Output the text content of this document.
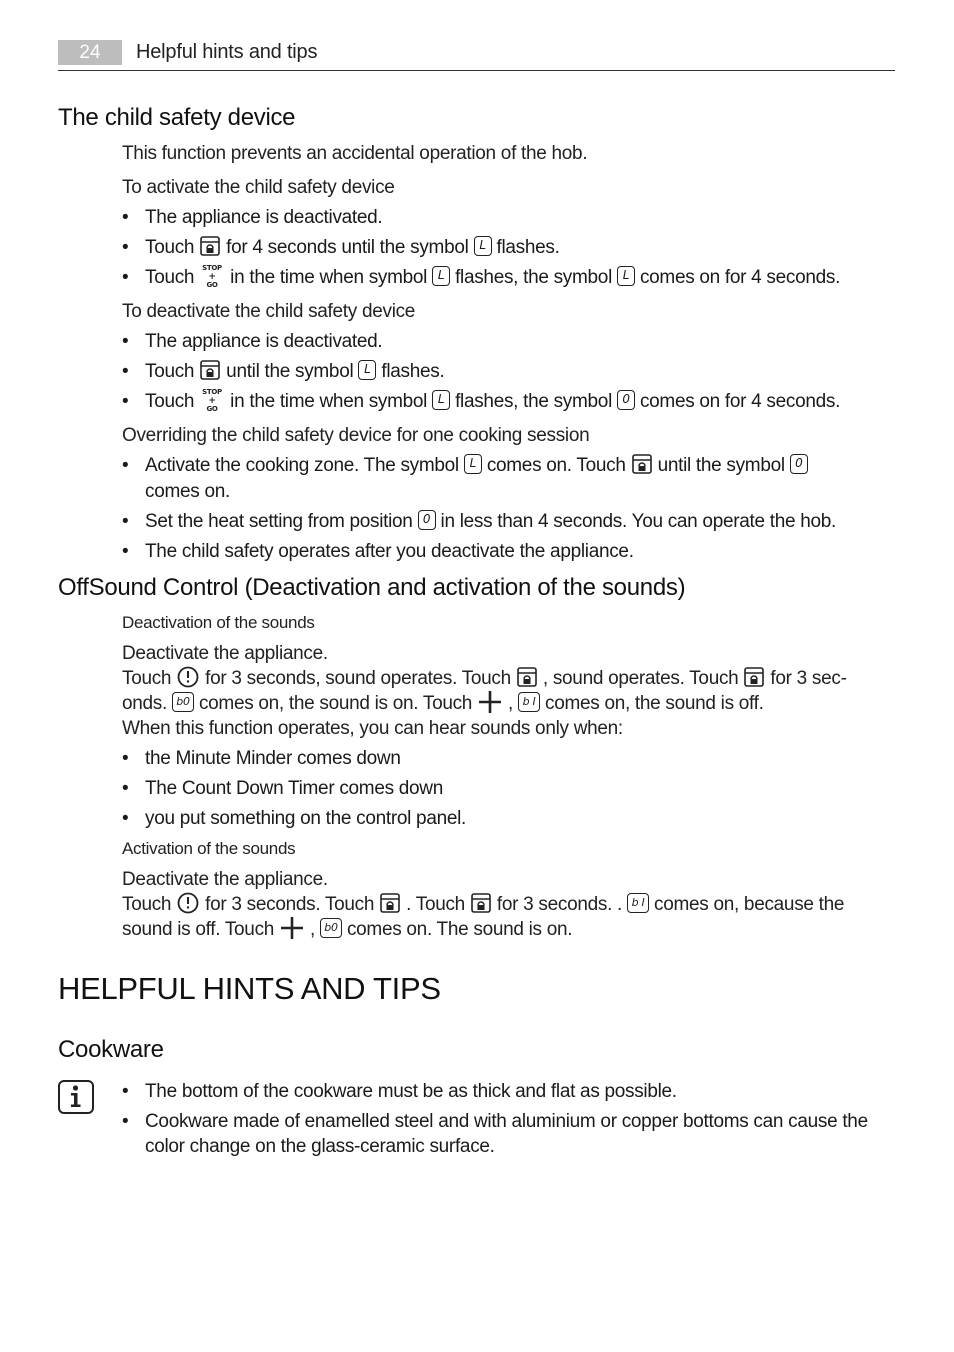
24	Helpful hints and tips
The child safety device
This function prevents an accidental operation of the hob.
To activate the child safety device
• The appliance is deactivated.
• Touch for 4 seconds until the symbol L flashes.
• Touch STOP
+
GO in the time when symbol L flashes, the symbol L comes on for 4 seconds.
To deactivate the child safety device
• The appliance is deactivated.
• Touch until the symbol L flashes.
• Touch STOP
+
GO in the time when symbol L flashes, the symbol 0 comes on for 4 seconds.
Overriding the child safety device for one cooking session
• Activate the cooking zone. The symbol L comes on. Touch until the symbol 0
comes on.
• Set the heat setting from position 0 in less than 4 seconds. You can operate the hob.
• The child safety operates after you deactivate the appliance.
OffSound Control (Deactivation and activation of the sounds)
Deactivation of the sounds
Deactivate the appliance.
Touch for 3 seconds, sound operates. Touch , sound operates. Touch for 3 sec-
onds. b0 comes on, the sound is on. Touch , b I comes on, the sound is off.
When this function operates, you can hear sounds only when:
• the Minute Minder comes down
• The Count Down Timer comes down
• you put something on the control panel.
Activation of the sounds
Deactivate the appliance.
Touch for 3 seconds. Touch . Touch for 3 seconds. . b I comes on, because the
sound is off. Touch , b0 comes on. The sound is on.
HELPFUL HINTS AND TIPS
Cookware
• The bottom of the cookware must be as thick and flat as possible.
• Cookware made of enamelled steel and with aluminium or copper bottoms can cause the
color change on the glass-ceramic surface.
